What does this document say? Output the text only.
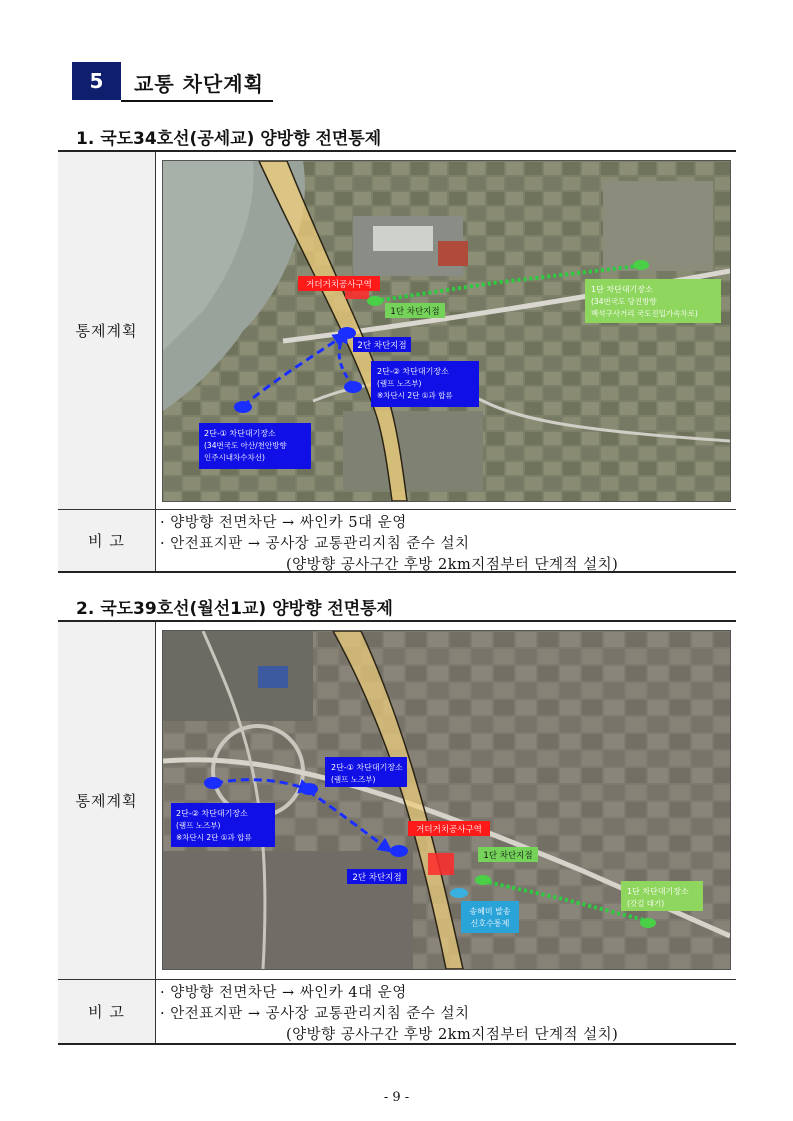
5	교통 차단계획
1. 국도34호선(공세교) 양방향 전면통제
통제계획
거더거치공사구역
1단 차단지점
1단 차단대기장소
(34번국도 당진방향
백석구사거리 국도진입가속차로)
2단 차단지점
2단-② 차단대기장소
(램프 노즈부)
※차단시 2단 ①과 합류
2단-① 차단대기장소
(34번국도 아산/천안방향
인주시내차수차선)
비 고
· 양방향 전면차단 → 싸인카 5대 운영
· 안전표지판 → 공사장 교통관리지침 준수 설치
(양방향 공사구간 후방 2km지점부터 단계적 설치)
2. 국도39호선(월선1교) 양방향 전면통제
통제계획
2단-① 차단대기장소
(램프 노즈부)
2단-② 차단대기장소
(램프 노즈부)
※차단시 2단 ①과 합류
거더거치공사구역
1단 차단지점
2단 차단지점
송혜미 발송
신호수통제
1단 차단대기장소
(갓길 대기)
비 고
· 양방향 전면차단 → 싸인카 4대 운영
· 안전표지판 → 공사장 교통관리지침 준수 설치
(양방향 공사구간 후방 2km지점부터 단계적 설치)
- 9 -
